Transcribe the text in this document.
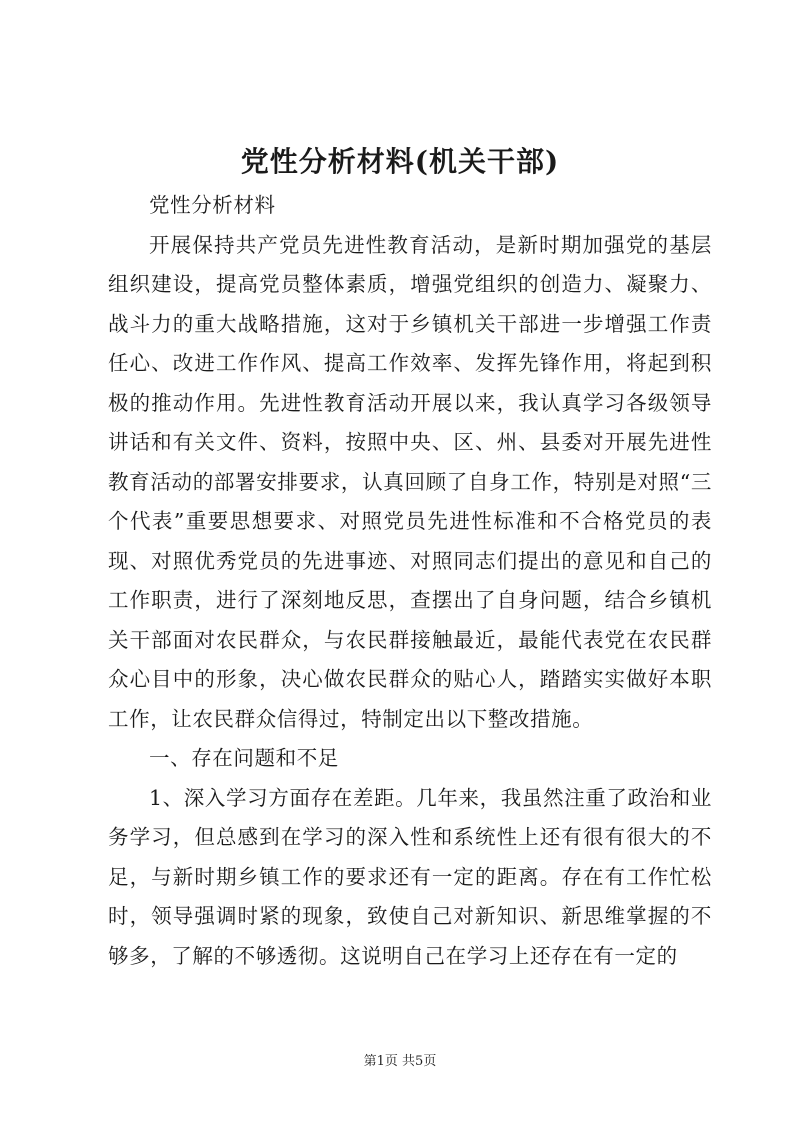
党性分析材料(机关干部)

党性分析材料

开展保持共产党员先进性教育活动，是新时期加强党的基层组织建设，提高党员整体素质，增强党组织的创造力、凝聚力、战斗力的重大战略措施，这对于乡镇机关干部进一步增强工作责任心、改进工作作风、提高工作效率、发挥先锋作用，将起到积极的推动作用。先进性教育活动开展以来，我认真学习各级领导讲话和有关文件、资料，按照中央、区、州、县委对开展先进性教育活动的部署安排要求，认真回顾了自身工作，特别是对照“三个代表”重要思想要求、对照党员先进性标准和不合格党员的表现、对照优秀党员的先进事迹、对照同志们提出的意见和自己的工作职责，进行了深刻地反思，查摆出了自身问题，结合乡镇机关干部面对农民群众，与农民群接触最近，最能代表党在农民群众心目中的形象，决心做农民群众的贴心人，踏踏实实做好本职工作，让农民群众信得过，特制定出以下整改措施。

一、存在问题和不足

1、深入学习方面存在差距。几年来，我虽然注重了政治和业务学习，但总感到在学习的深入性和系统性上还有很有很大的不足，与新时期乡镇工作的要求还有一定的距离。存在有工作忙松时，领导强调时紧的现象，致使自己对新知识、新思维掌握的不够多，了解的不够透彻。这说明自己在学习上还存在有一定的

第1页 共5页
